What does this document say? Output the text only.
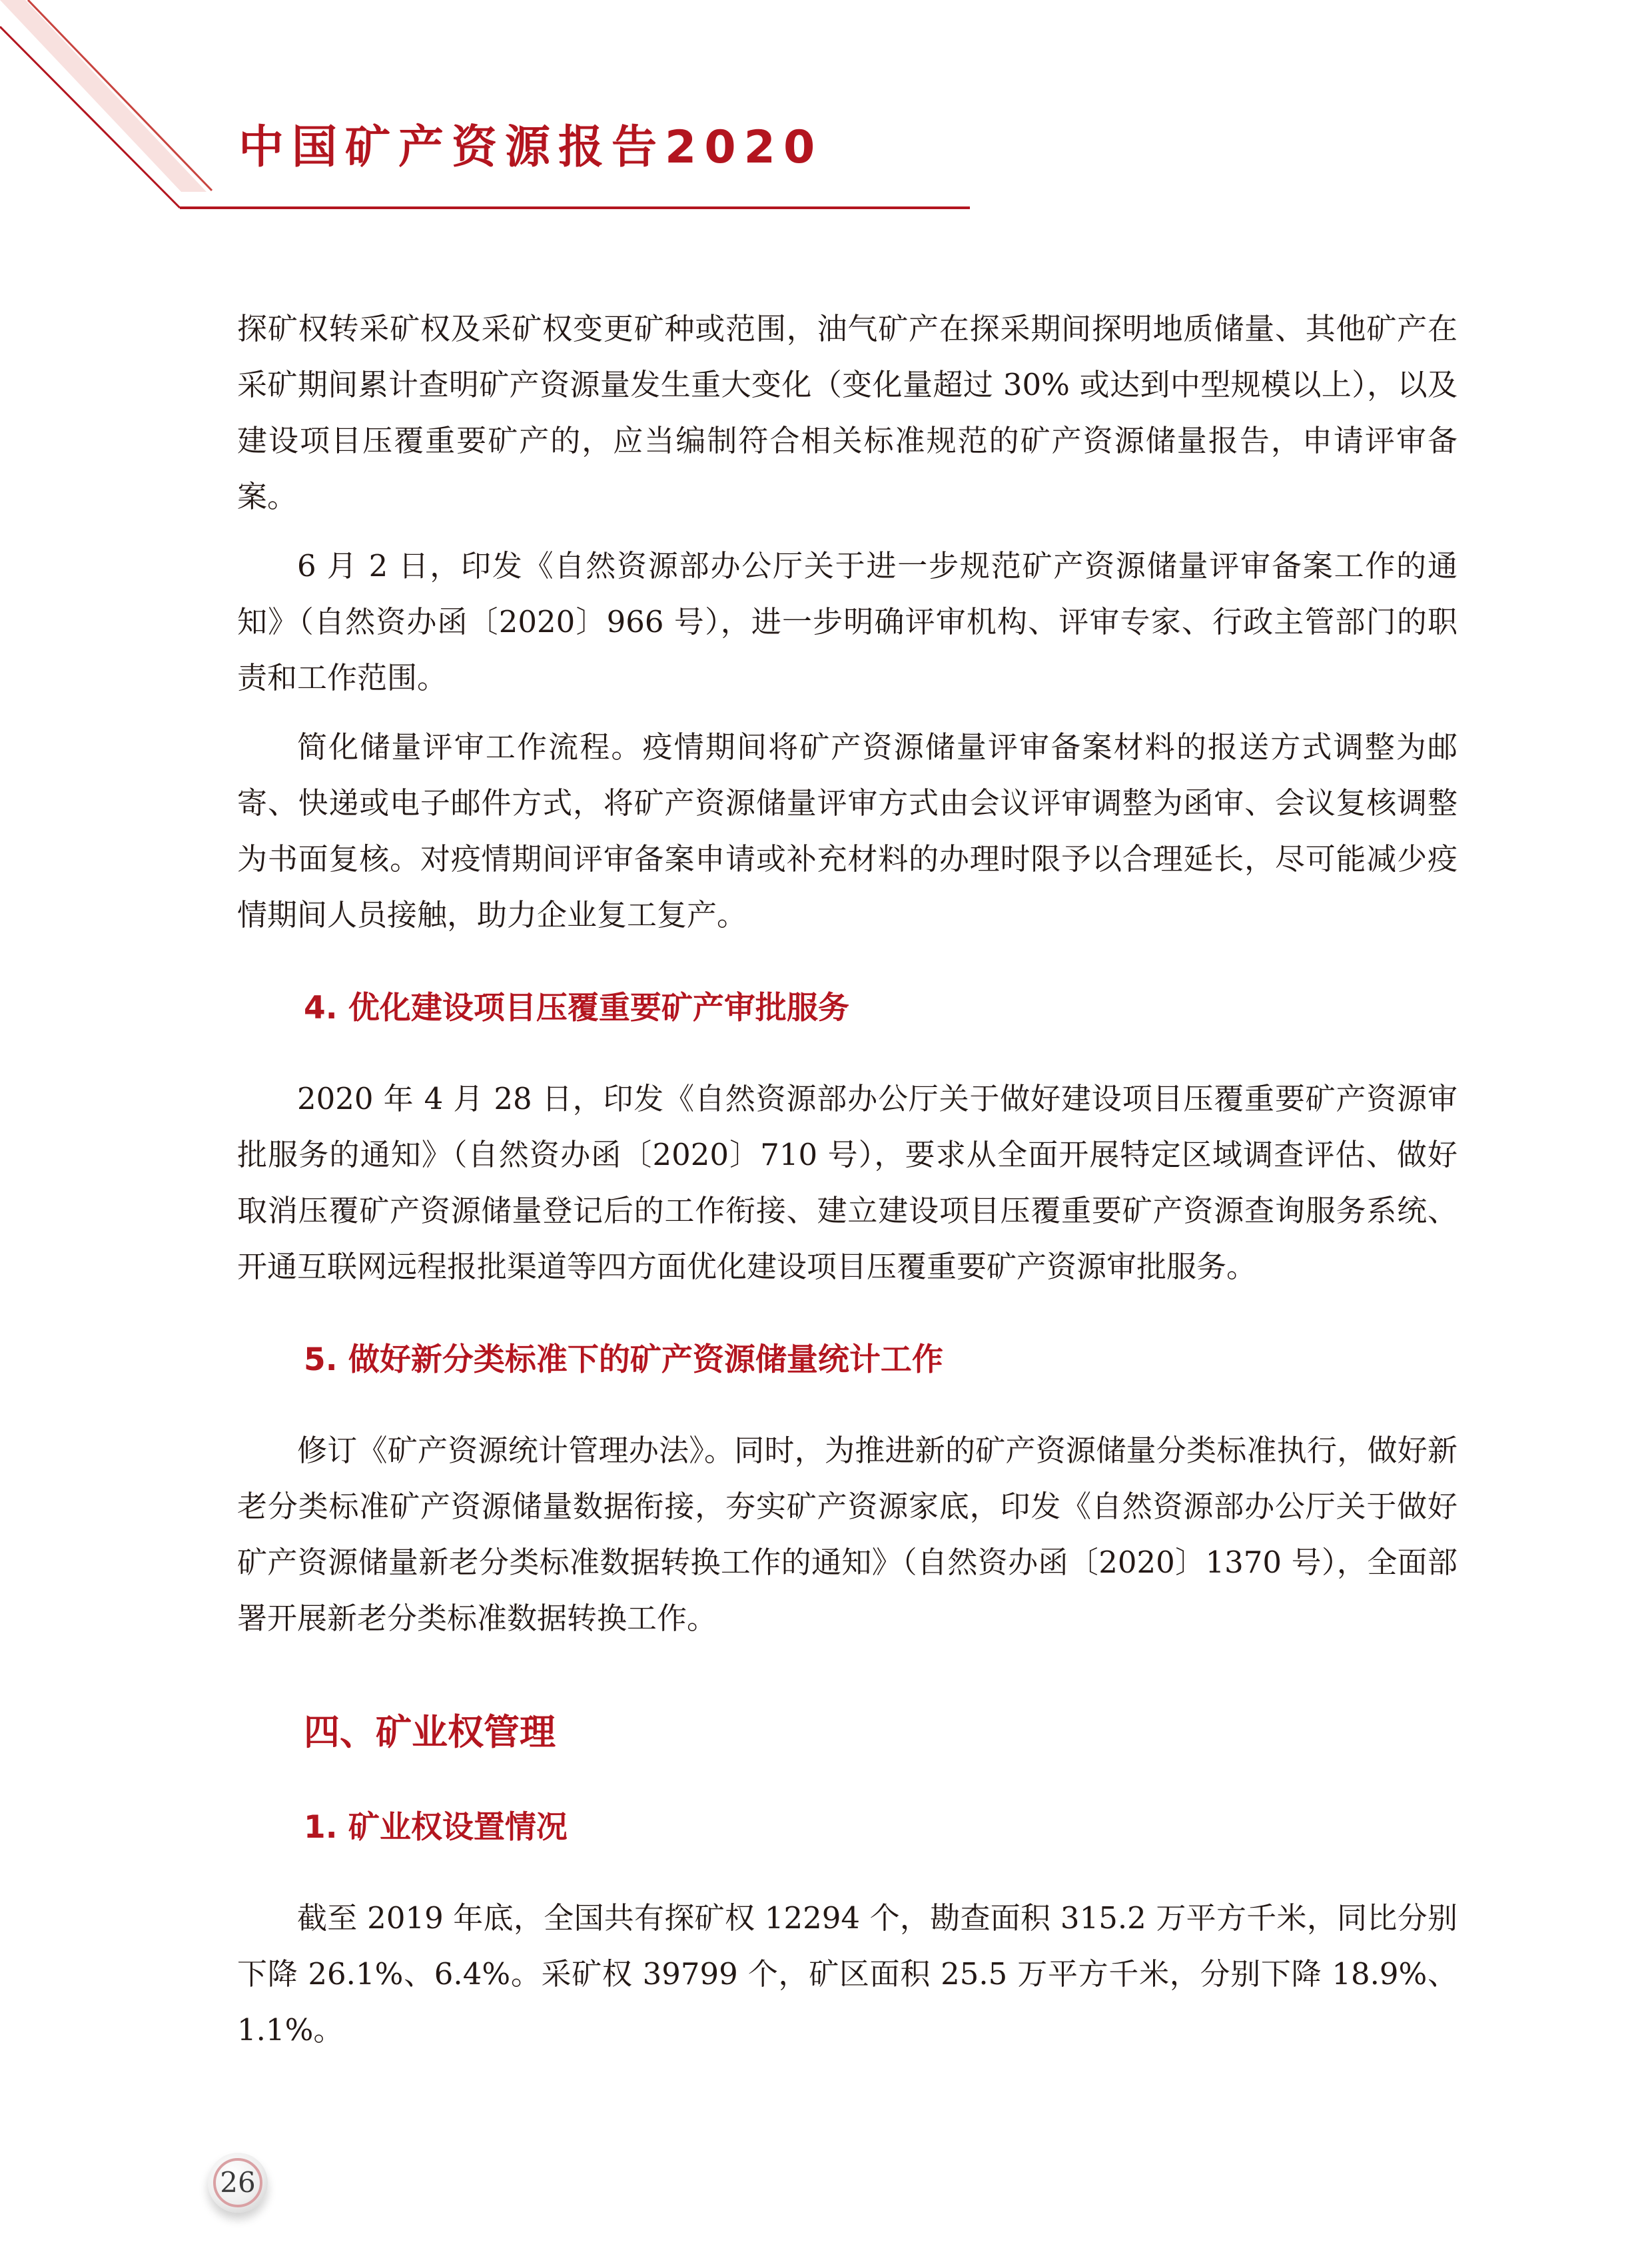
中国矿产资源报告2020

探矿权转采矿权及采矿权变更矿种或范围，油气矿产在探采期间探明地质储量、其他矿产在采矿期间累计查明矿产资源量发生重大变化（变化量超过 30% 或达到中型规模以上），以及建设项目压覆重要矿产的，应当编制符合相关标准规范的矿产资源储量报告，申请评审备案。

6 月 2 日，印发《自然资源部办公厅关于进一步规范矿产资源储量评审备案工作的通知》（自然资办函〔2020〕966 号），进一步明确评审机构、评审专家、行政主管部门的职责和工作范围。

简化储量评审工作流程。疫情期间将矿产资源储量评审备案材料的报送方式调整为邮寄、快递或电子邮件方式，将矿产资源储量评审方式由会议评审调整为函审、会议复核调整为书面复核。对疫情期间评审备案申请或补充材料的办理时限予以合理延长，尽可能减少疫情期间人员接触，助力企业复工复产。

4. 优化建设项目压覆重要矿产审批服务

2020 年 4 月 28 日，印发《自然资源部办公厅关于做好建设项目压覆重要矿产资源审批服务的通知》（自然资办函〔2020〕710 号），要求从全面开展特定区域调查评估、做好取消压覆矿产资源储量登记后的工作衔接、建立建设项目压覆重要矿产资源查询服务系统、开通互联网远程报批渠道等四方面优化建设项目压覆重要矿产资源审批服务。

5. 做好新分类标准下的矿产资源储量统计工作

修订《矿产资源统计管理办法》。同时，为推进新的矿产资源储量分类标准执行，做好新老分类标准矿产资源储量数据衔接，夯实矿产资源家底，印发《自然资源部办公厅关于做好矿产资源储量新老分类标准数据转换工作的通知》（自然资办函〔2020〕1370 号），全面部署开展新老分类标准数据转换工作。

四、矿业权管理
1. 矿业权设置情况

截至 2019 年底，全国共有探矿权 12294 个，勘查面积 315.2 万平方千米，同比分别下降 26.1%、6.4%。采矿权 39799 个，矿区面积 25.5 万平方千米，分别下降 18.9%、1.1%。

26
